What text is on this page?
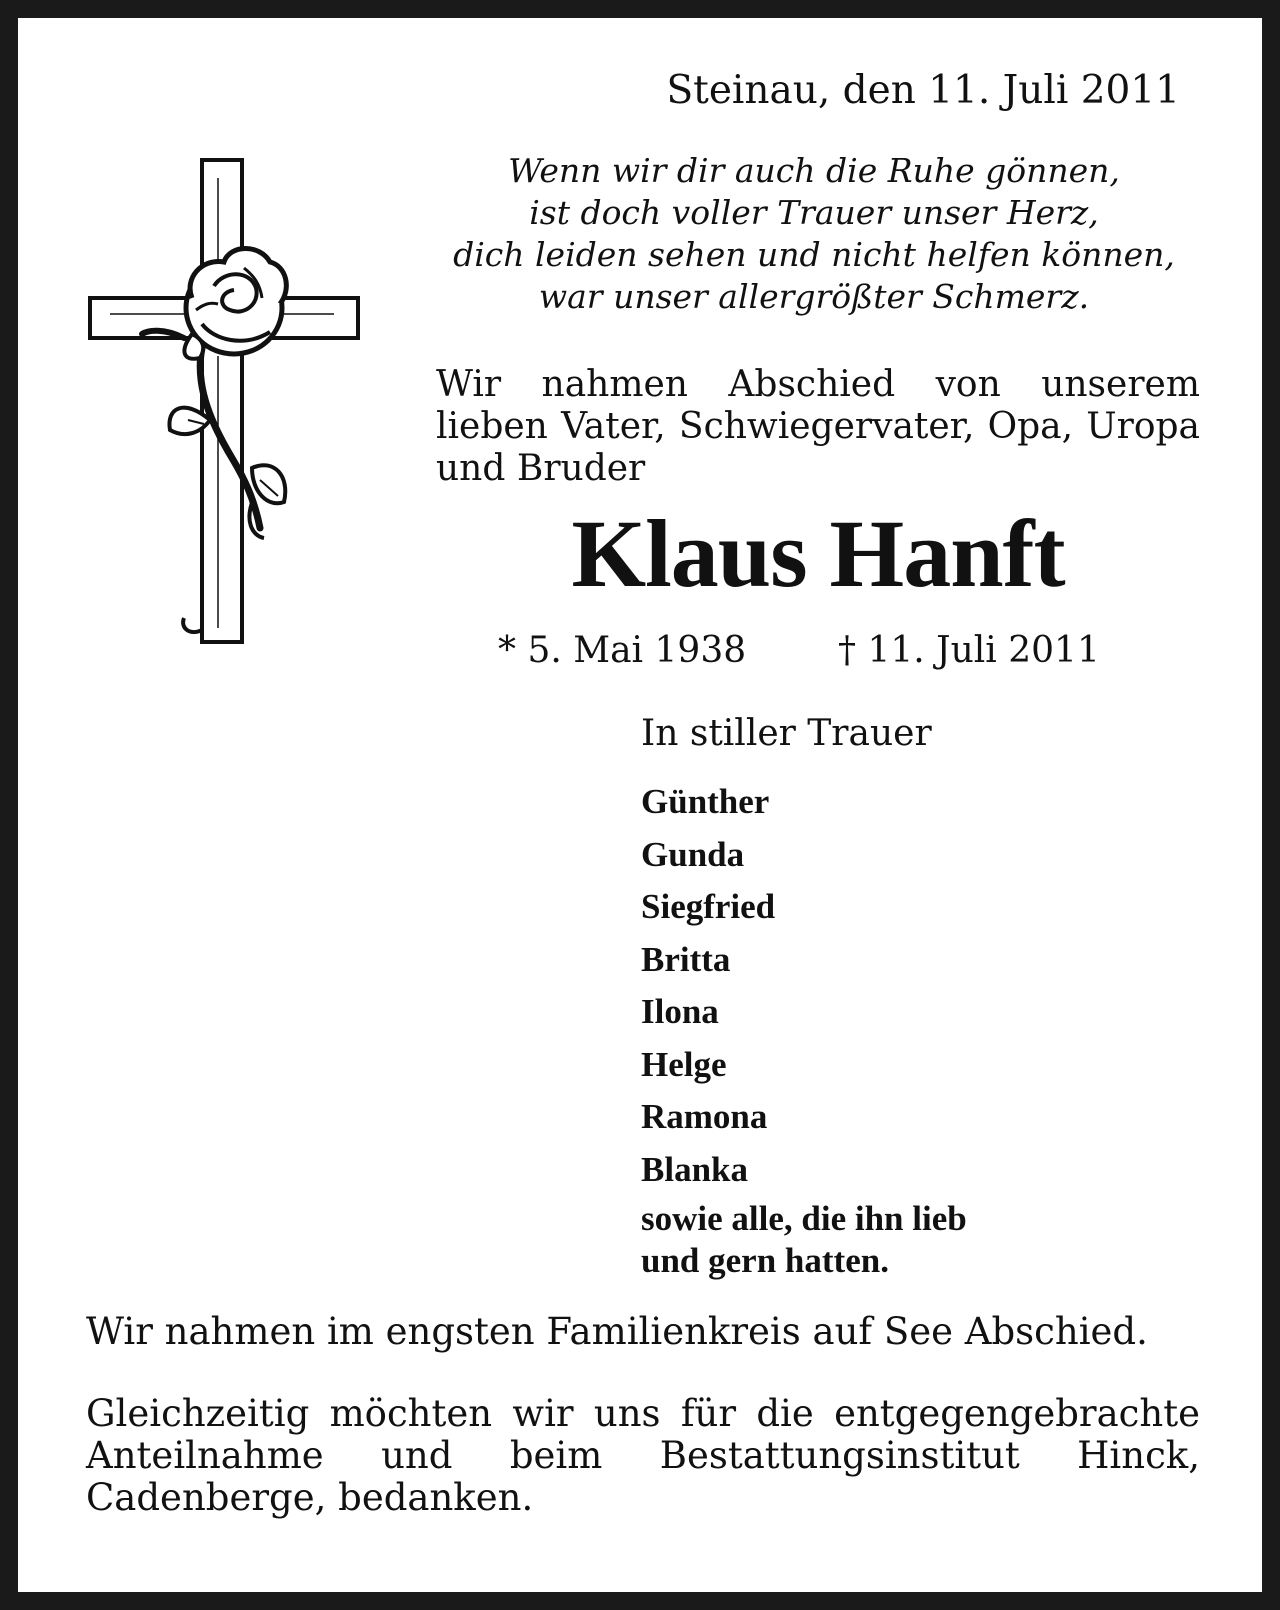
Steinau, den 11. Juli 2011
Wenn wir dir auch die Ruhe gönnen,
ist doch voller Trauer unser Herz,
dich leiden sehen und nicht helfen können,
war unser allergrößter Schmerz.
Wir nahmen Abschied von unserem lieben Vater, Schwiegervater, Opa, Uropa und Bruder
Klaus Hanft
* 5. Mai 1938	† 11. Juli 2011
In stiller Trauer
Günther
Gunda
Siegfried
Britta
Ilona
Helge
Ramona
Blanka
sowie alle, die ihn lieb
und gern hatten.
Wir nahmen im engsten Familienkreis auf See Abschied.
Gleichzeitig möchten wir uns für die entgegengebrachte Anteilnahme und beim Bestattungsinstitut Hinck, Cadenberge, bedanken.
